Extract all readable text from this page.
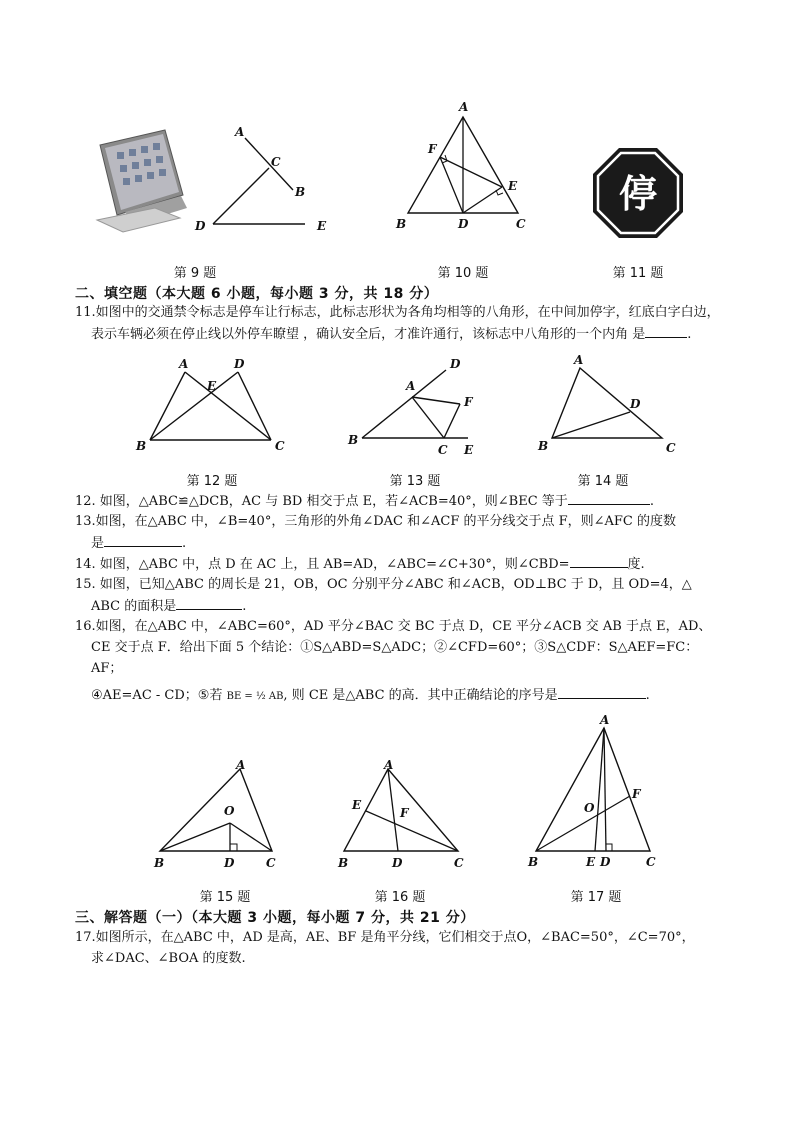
A
C
B
D	E
A
F
E
B	D	C
停
第 9 题	第 10 题	第 11 题
二、填空题（本大题 6 小题，每小题 3 分，共 18 分）
11.如图中的交通禁令标志是停车让行标志，此标志形状为各角均相等的八角形，在中间加停字，红底白字白边，
表示车辆必须在停止线以外停车瞭望 ，确认安全后，才准许通行，该标志中八角形的一个内角 是	.
A	D
E
B	C
D
A
F
B
C E
A
D
B	C
第 12 题	第 13 题	第 14 题
12. 如图，△ABC≌△DCB，AC 与 BD 相交于点 E，若∠ACB=40°，则∠BEC 等于	.
13.如图，在△ABC 中，∠B=40°，三角形的外角∠DAC 和∠ACF 的平分线交于点 F，则∠AFC 的度数
是	.
14. 如图，△ABC 中，点 D 在 AC 上，且 AB=AD，∠ABC=∠C+30°，则∠CBD=	度.
15. 如图，已知△ABC 的周长是 21，OB，OC 分别平分∠ABC 和∠ACB，OD⊥BC 于 D，且 OD=4，△
ABC 的面积是	.
16.如图，在△ABC 中，∠ABC=60°，AD 平分∠BAC 交 BC 于点 D，CE 平分∠ACB 交 AB 于点 E，AD、
CE 交于点 F．给出下面 5 个结论：①S△ABD=S△ADC；②∠CFD=60°；③S△CDF：S△AEF=FC：AF；
④AE=AC - CD；⑤若 BE = ½ AB, 则 CE 是△ABC 的高．其中正确结论的序号是	.
A
O
B	D	C
A
E
F
B	D	C
A
O
F
B	E D	C
第 15 题	第 16 题	第 17 题
三、解答题（一）（本大题 3 小题，每小题 7 分，共 21 分）
17.如图所示，在△ABC 中，AD 是高，AE、BF 是角平分线，它们相交于点O，∠BAC=50°，∠C=70°，
求∠DAC、∠BOA 的度数.
